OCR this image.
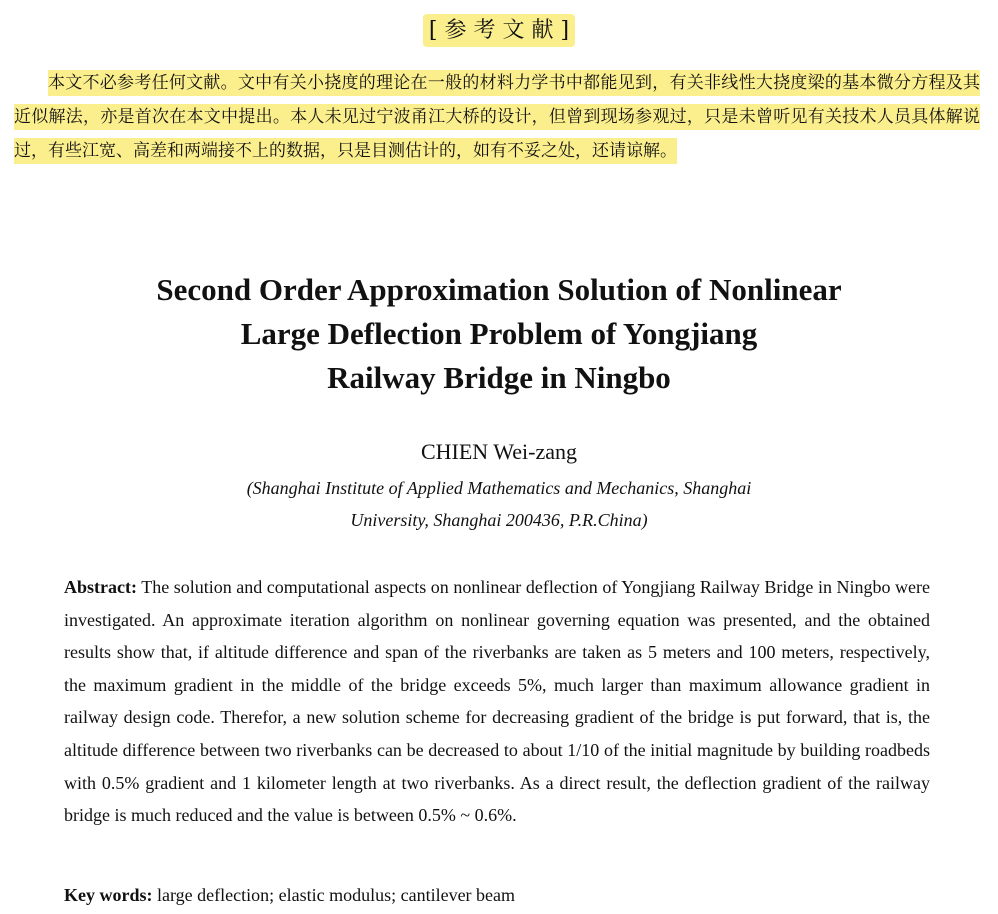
[ 参 考 文 献 ]
本文不必参考任何文献。文中有关小挠度的理论在一般的材料力学书中都能见到，有关非线性大挠度梁的基本微分方程及其近似解法，亦是首次在本文中提出。本人未见过宁波甬江大桥的设计，但曾到现场参观过，只是未曾听见有关技术人员具体解说过，有些江宽、高差和两端接不上的数据，只是目测估计的，如有不妥之处，还请谅解。
Second Order Approximation Solution of Nonlinear
Large Deflection Problem of Yongjiang
Railway Bridge in Ningbo
CHIEN Wei-zang
(Shanghai Institute of Applied Mathematics and Mechanics, Shanghai
University, Shanghai 200436, P.R.China)
Abstract: The solution and computational aspects on nonlinear deflection of Yongjiang Railway Bridge in Ningbo were investigated. An approximate iteration algorithm on nonlinear governing equation was presented, and the obtained results show that, if altitude difference and span of the riverbanks are taken as 5 meters and 100 meters, respectively, the maximum gradient in the middle of the bridge exceeds 5%, much larger than maximum allowance gradient in railway design code. Therefor, a new solution scheme for decreasing gradient of the bridge is put forward, that is, the altitude difference between two riverbanks can be decreased to about 1/10 of the initial magnitude by building roadbeds with 0.5% gradient and 1 kilometer length at two riverbanks. As a direct result, the deflection gradient of the railway bridge is much reduced and the value is between 0.5% ~ 0.6%.
Key words: large deflection; elastic modulus; cantilever beam
